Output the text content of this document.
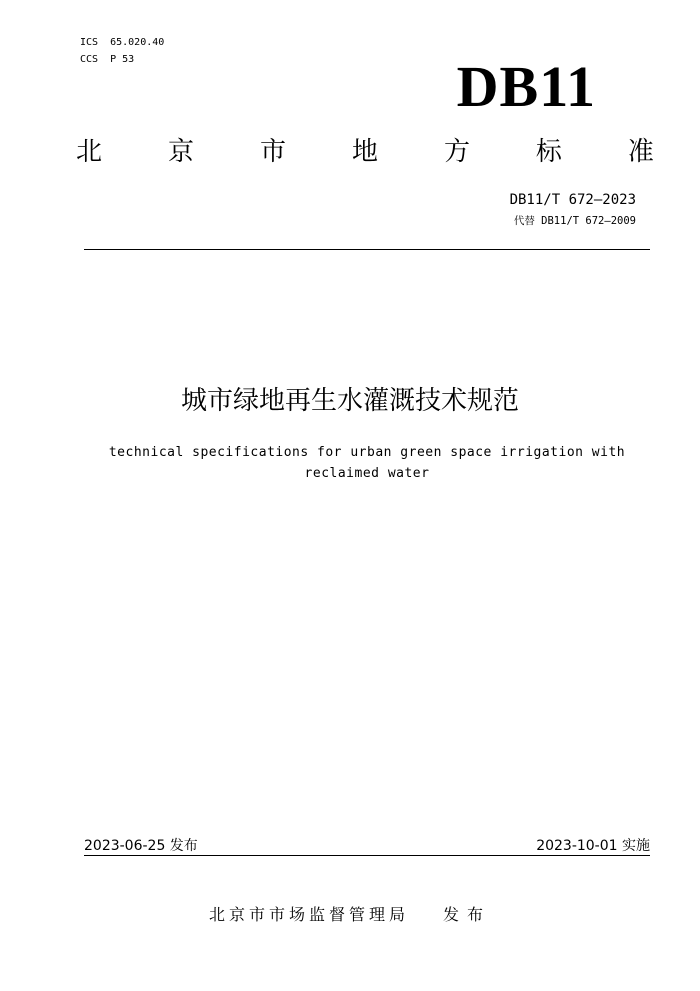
ICS  65.020.40
CCS  P 53	DB11
北	京	市	地	方	标	准
DB11/T 672—2023
代替 DB11/T 672—2009
城市绿地再生水灌溉技术规范
technical specifications for urban green space irrigation with reclaimed water
2023-06-25 发布	2023-10-01 实施
北京市市场监督管理局 发布
